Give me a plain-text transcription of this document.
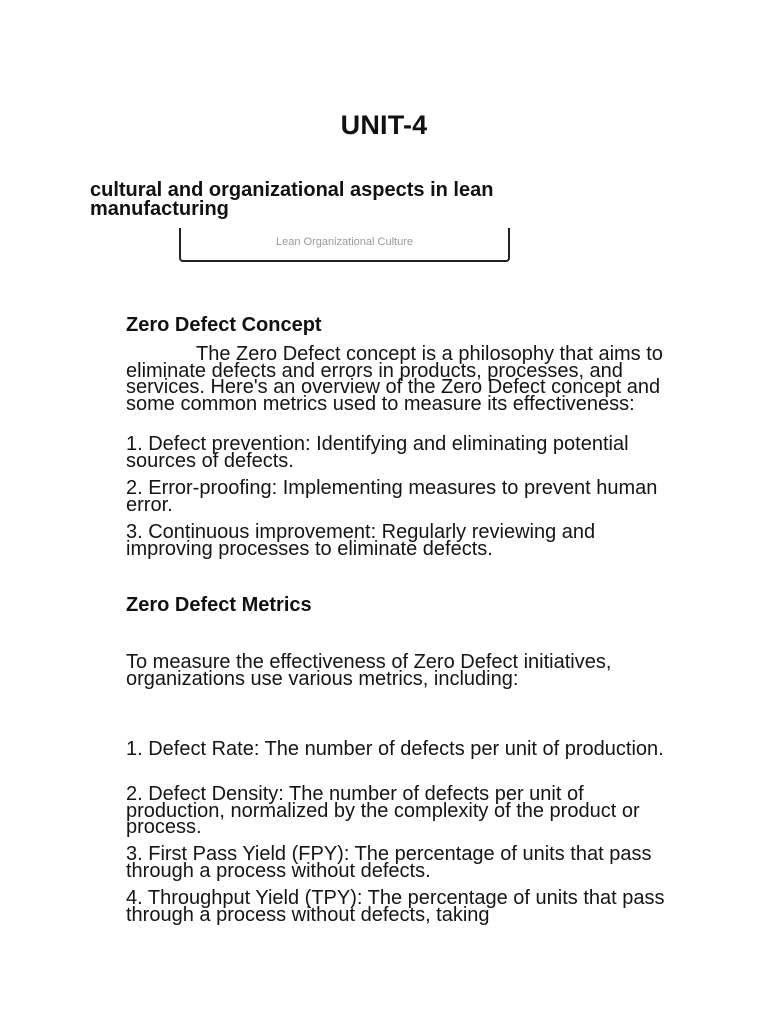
UNIT-4
cultural and organizational aspects in lean manufacturing
Lean Organizational Culture
Zero Defect Concept
The Zero Defect concept is a philosophy that aims to eliminate defects and errors in products, processes, and services. Here's an overview of the Zero Defect concept and some common metrics used to measure its effectiveness:
1. Defect prevention: Identifying and eliminating potential sources of defects.
2. Error-proofing: Implementing measures to prevent human error.
3. Continuous improvement: Regularly reviewing and improving processes to eliminate defects.
Zero Defect Metrics
To measure the effectiveness of Zero Defect initiatives, organizations use various metrics, including:
1. Defect Rate: The number of defects per unit of production.
2. Defect Density: The number of defects per unit of production, normalized by the complexity of the product or process.
3. First Pass Yield (FPY): The percentage of units that pass through a process without defects.
4. Throughput Yield (TPY): The percentage of units that pass through a process without defects, taking
